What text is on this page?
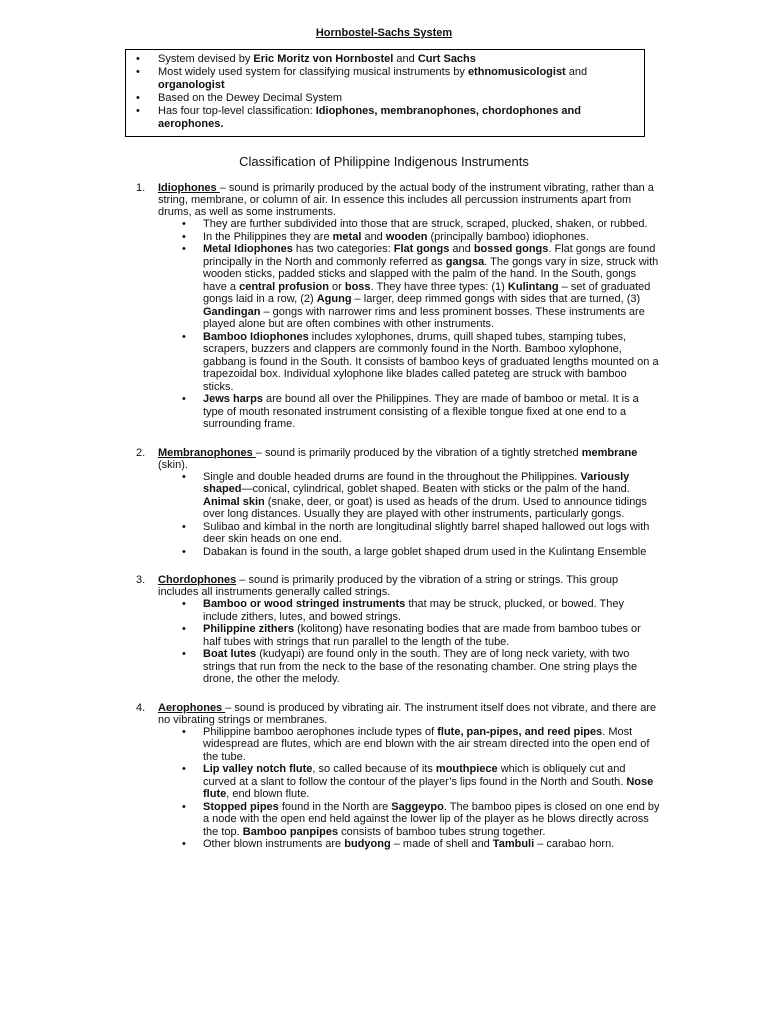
Hornbostel-Sachs System
• System devised by Eric Moritz von Hornbostel and Curt Sachs
• Most widely used system for classifying musical instruments by ethnomusicologist and organologist
• Based on the Dewey Decimal System
• Has four top-level classification: Idiophones, membranophones, chordophones and aerophones.
Classification of Philippine Indigenous Instruments
1. Idiophones – sound is primarily produced by the actual body of the instrument vibrating, rather than a string, membrane, or column of air. In essence this includes all percussion instruments apart from drums, as well as some instruments.
• They are further subdivided into those that are struck, scraped, plucked, shaken, or rubbed.
• In the Philippines they are metal and wooden (principally bamboo) idiophones.
• Metal Idiophones has two categories: Flat gongs and bossed gongs. Flat gongs are found principally in the North and commonly referred as gangsa. The gongs vary in size, struck with wooden sticks, padded sticks and slapped with the palm of the hand. In the South, gongs have a central profusion or boss. They have three types: (1) Kulintang – set of graduated gongs laid in a row, (2) Agung – larger, deep rimmed gongs with sides that are turned, (3) Gandingan – gongs with narrower rims and less prominent bosses. These instruments are played alone but are often combines with other instruments.
• Bamboo Idiophones includes xylophones, drums, quill shaped tubes, stamping tubes, scrapers, buzzers and clappers are commonly found in the North. Bamboo xylophone, gabbang is found in the South. It consists of bamboo keys of graduated lengths mounted on a trapezoidal box. Individual xylophone like blades called pateteg are struck with bamboo sticks.
• Jews harps are bound all over the Philippines. They are made of bamboo or metal. It is a type of mouth resonated instrument consisting of a flexible tongue fixed at one end to a surrounding frame.
2. Membranophones – sound is primarily produced by the vibration of a tightly stretched membrane (skin).
• Single and double headed drums are found in the throughout the Philippines. Variously shaped—conical, cylindrical, goblet shaped. Beaten with sticks or the palm of the hand. Animal skin (snake, deer, or goat) is used as heads of the drum. Used to announce tidings over long distances. Usually they are played with other instruments, particularly gongs.
• Sulibao and kimbal in the north are longitudinal slightly barrel shaped hallowed out logs with deer skin heads on one end.
• Dabakan is found in the south, a large goblet shaped drum used in the Kulintang Ensemble
3. Chordophones – sound is primarily produced by the vibration of a string or strings. This group includes all instruments generally called strings.
• Bamboo or wood stringed instruments that may be struck, plucked, or bowed. They include zithers, lutes, and bowed strings.
• Philippine zithers (kolitong) have resonating bodies that are made from bamboo tubes or half tubes with strings that run parallel to the length of the tube.
• Boat lutes (kudyapi) are found only in the south. They are of long neck variety, with two strings that run from the neck to the base of the resonating chamber. One string plays the drone, the other the melody.
4. Aerophones – sound is produced by vibrating air. The instrument itself does not vibrate, and there are no vibrating strings or membranes.
• Philippine bamboo aerophones include types of flute, pan-pipes, and reed pipes. Most widespread are flutes, which are end blown with the air stream directed into the open end of the tube.
• Lip valley notch flute, so called because of its mouthpiece which is obliquely cut and curved at a slant to follow the contour of the player’s lips found in the North and South. Nose flute, end blown flute.
• Stopped pipes found in the North are Saggeypo. The bamboo pipes is closed on one end by a node with the open end held against the lower lip of the player as he blows directly across the top. Bamboo panpipes consists of bamboo tubes strung together.
• Other blown instruments are budyong – made of shell and Tambuli – carabao horn.
